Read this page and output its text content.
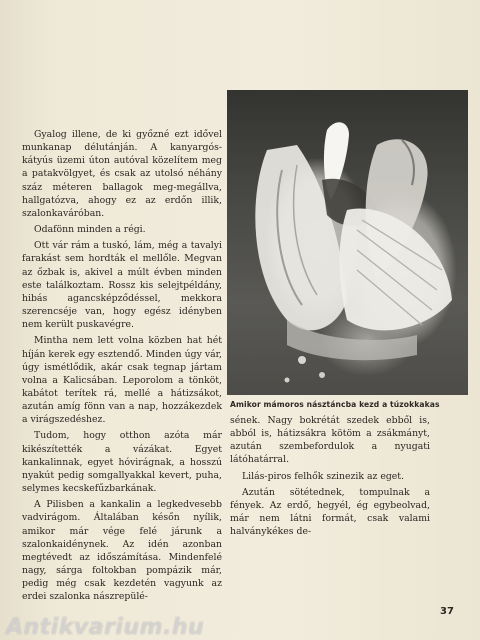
Gyalog illene, de ki győzné ezt idővel munkanap délutánján. A kanyargós-kátyús üzemi úton autóval közelítem meg a patakvölgyet, és csak az utolsó néhány száz méteren ballagok meg-megállva, hallgatózva, ahogy ez az erdőn illik, szalonkaváróban.

Odafönn minden a régi.

Ott vár rám a tuskó, lám, még a tavalyi farakást sem hordták el mellőle. Megvan az őzbak is, akivel a múlt évben minden este találkoztam. Rossz kis selejtpéldány, hibás agancsképződéssel, mekkora szerencséje van, hogy egész idényben nem került puskavégre.

Mintha nem lett volna közben hat hét híján kerek egy esztendő. Minden úgy vár, úgy ismétlődik, akár csak tegnap jártam volna a Kalicsában. Leporolom a tönköt, kabátot terítek rá, mellé a hátizsákot, azután amíg fönn van a nap, hozzákezdek a virágszedéshez.

Tudom, hogy otthon azóta már kikészítették a vázákat. Egyet kankalinnak, egyet hóvirágnak, a hosszú nyakút pedig somgallyakkal kevert, puha, selymes kecskefűzbarkának.

A Pilisben a kankalin a legkedvesebb vadvirágom. Általában későn nyílik, amikor már vége felé járunk a szalonkaidénynek. Az idén azonban megtévedt az időszámítása. Mindenfelé nagy, sárga foltokban pompázik már, pedig még csak kezdetén vagyunk az erdei szalonka nászrepülé-

Amikor mámoros násztáncba kezd a túzokkakas

sének. Nagy bokrétát szedek ebből is, abból is, hátizsákra kötöm a zsákmányt, azután szembefordulok a nyugati látóhatárral.

Lilás-piros felhők szinezik az eget.

Azután sötétednek, tompulnak a fények. Az erdő, hegyél, ég egybeolvad, már nem látni formát, csak valami halványkékes de-

37
Antikvarium.hu
